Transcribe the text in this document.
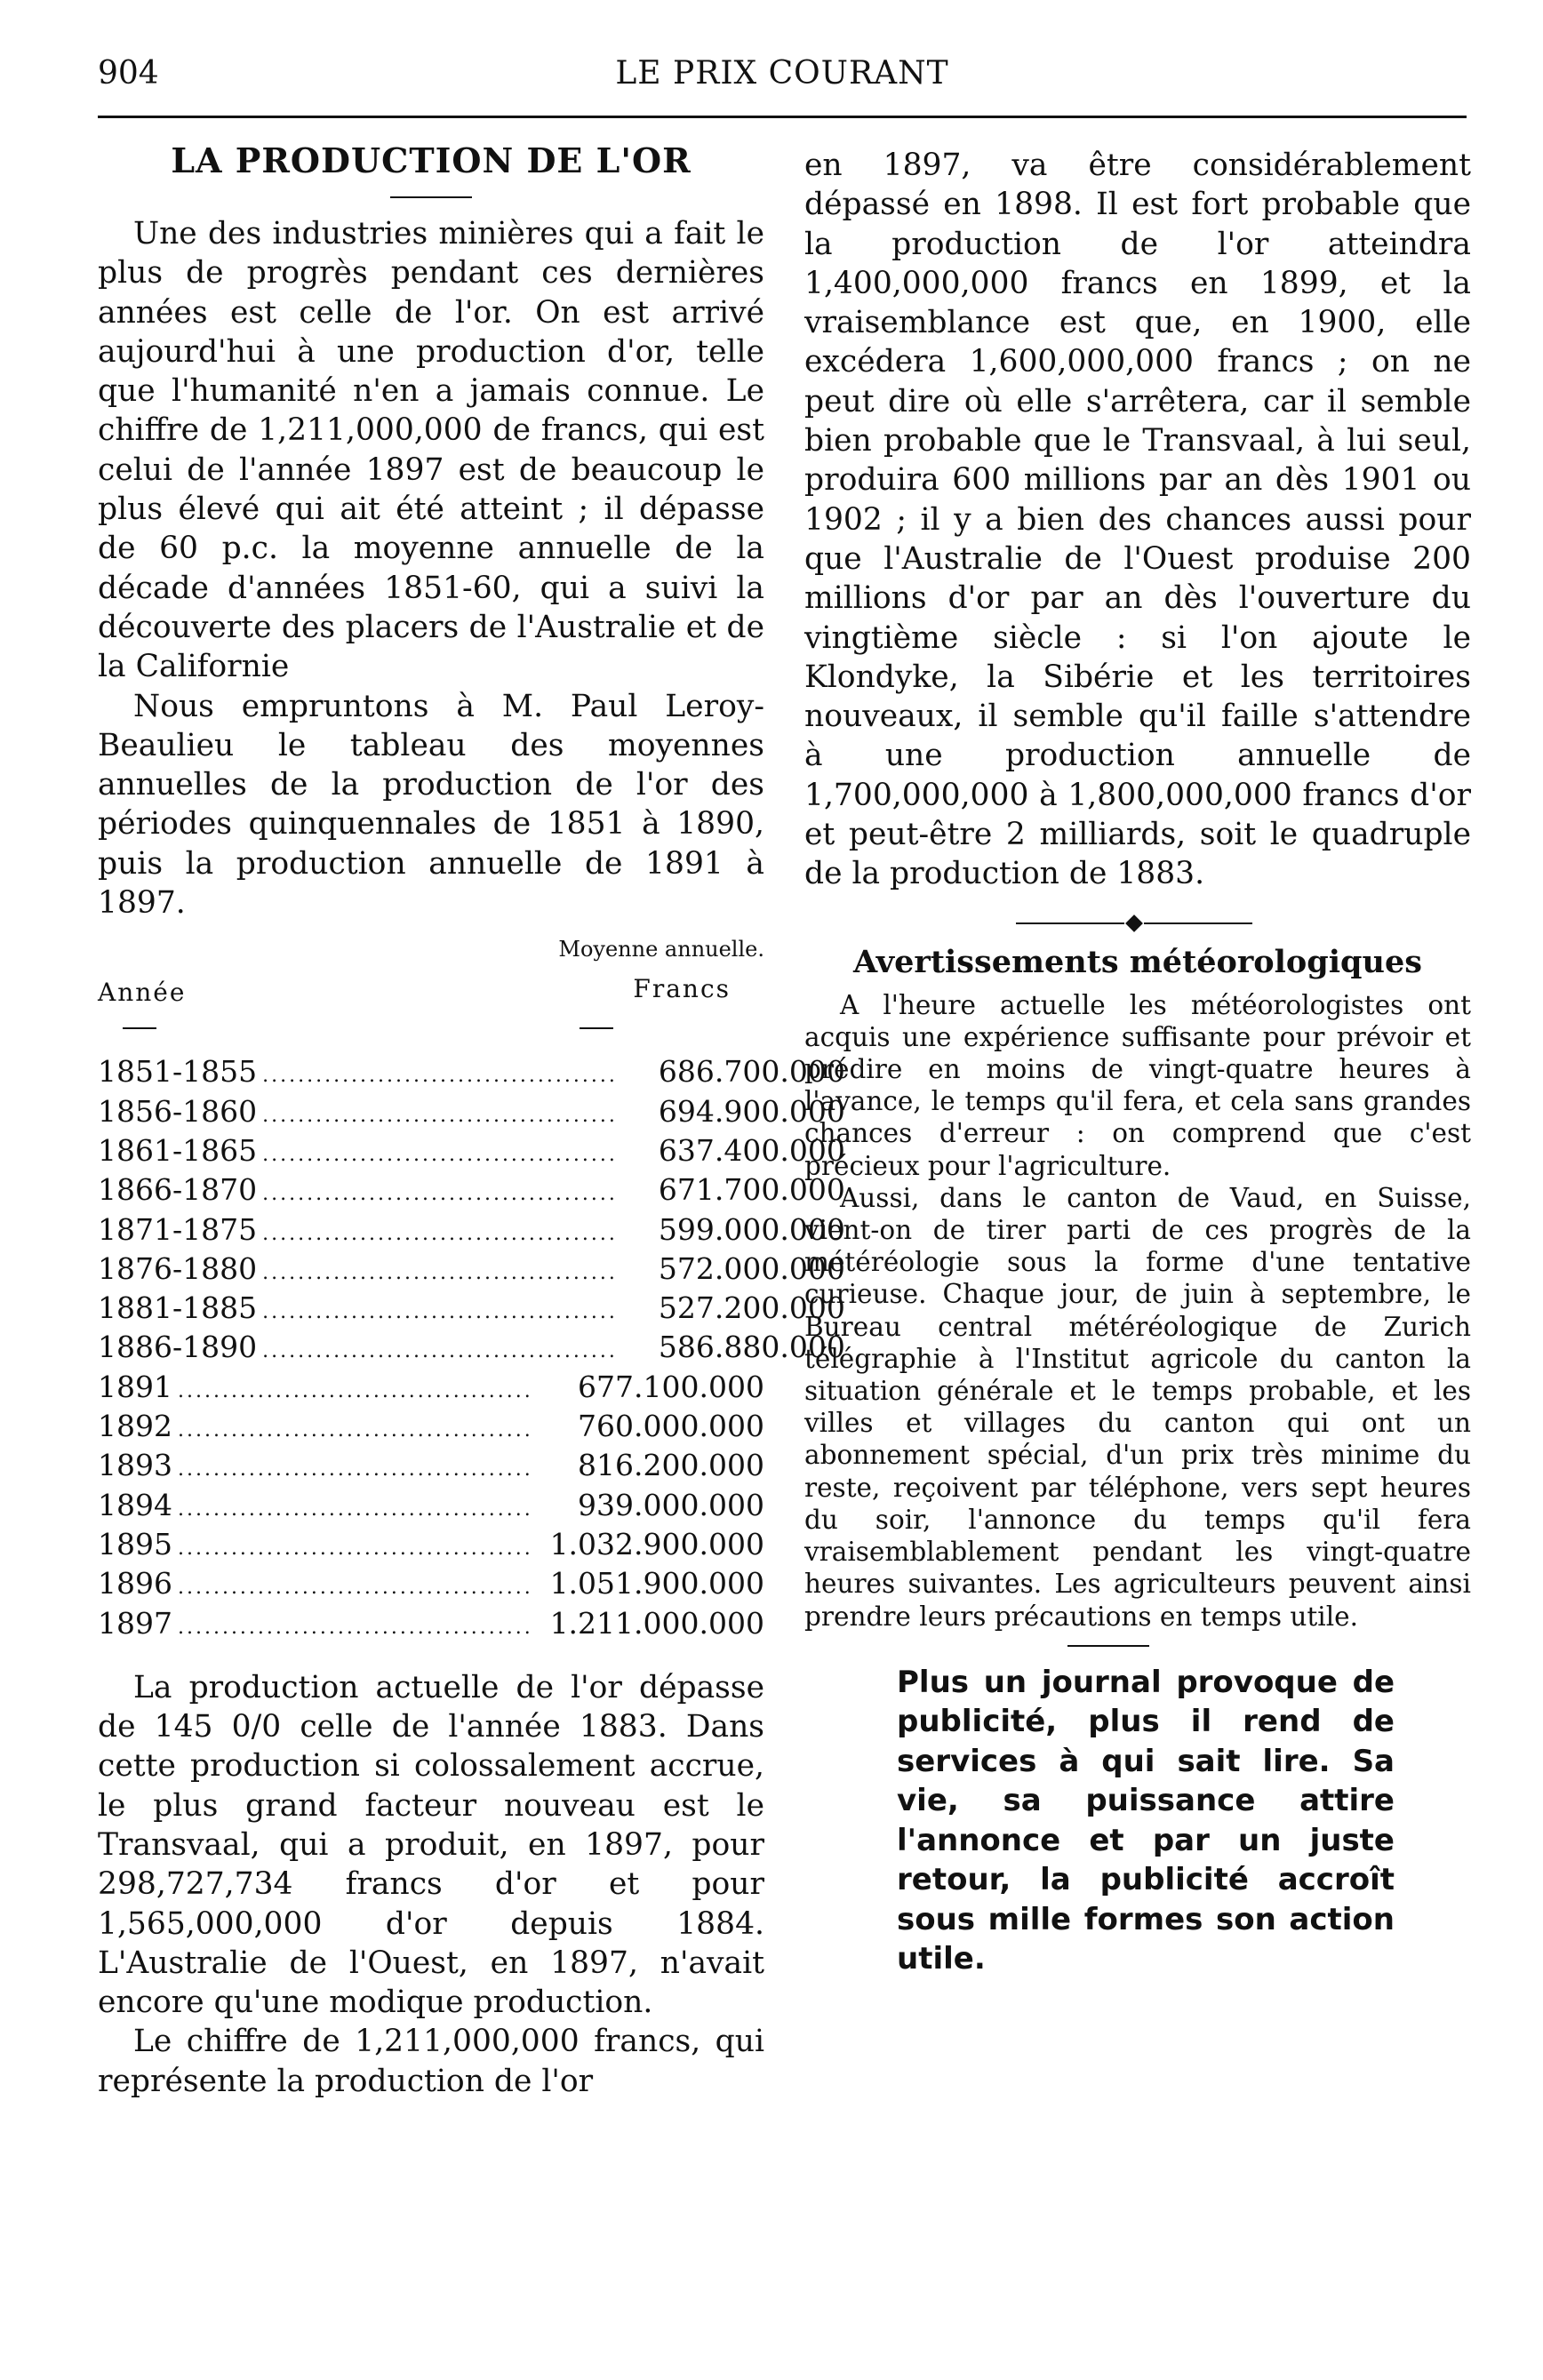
904	LE PRIX COURANT
LA PRODUCTION DE L'OR

Une des industries minières qui a fait le plus de progrès pendant ces dernières années est celle de l'or. On est arrivé aujourd'hui à une production d'or, telle que l'humanité n'en a jamais connue. Le chiffre de 1,211,000,000 de francs, qui est celui de l'année 1897 est de beaucoup le plus élevé qui ait été atteint ; il dépasse de 60 p.c. la moyenne annuelle de la décade d'années 1851-60, qui a suivi la découverte des placers de l'Australie et de la Californie

Nous empruntons à M. Paul Leroy-Beaulieu le tableau des moyennes annuelles de la production de l'or des périodes quinquennales de 1851 à 1890, puis la production annuelle de 1891 à 1897.

Moyenne annuelle.
Année	Francs
1851-1855 ........................................	686.700.000
1856-1860 ........................................	694.900.000
1861-1865 ........................................	637.400.000
1866-1870 ........................................	671.700.000
1871-1875 ........................................	599.000.000
1876-1880 ........................................	572.000.000
1881-1885 ........................................	527.200.000
1886-1890 ........................................	586.880.000
1891 ........................................	677.100.000
1892 ........................................	760.000.000
1893 ........................................	816.200.000
1894 ........................................	939.000.000
1895 ........................................ 1.032.900.000
1896 ........................................ 1.051.900.000
1897 ........................................ 1.211.000.000

La production actuelle de l'or dépasse de 145 0/0 celle de l'année 1883. Dans cette production si colossalement accrue, le plus grand facteur nouveau est le Transvaal, qui a produit, en 1897, pour 298,727,734 francs d'or et pour 1,565,000,000 d'or depuis 1884. L'Australie de l'Ouest, en 1897, n'avait encore qu'une modique production.

Le chiffre de 1,211,000,000 francs, qui représente la production de l'or

en 1897, va être considérablement dépassé en 1898. Il est fort probable que la production de l'or atteindra 1,400,000,000 francs en 1899, et la vraisemblance est que, en 1900, elle excédera 1,600,000,000 francs ; on ne peut dire où elle s'arrêtera, car il semble bien probable que le Transvaal, à lui seul, produira 600 millions par an dès 1901 ou 1902 ; il y a bien des chances aussi pour que l'Australie de l'Ouest produise 200 millions d'or par an dès l'ouverture du vingtième siècle : si l'on ajoute le Klondyke, la Sibérie et les territoires nouveaux, il semble qu'il faille s'attendre à une production annuelle de 1,700,000,000 à 1,800,000,000 francs d'or et peut-être 2 milliards, soit le quadruple de la production de 1883.

Avertissements météorologiques

A l'heure actuelle les météorologistes ont acquis une expérience suffisante pour prévoir et prédire en moins de vingt-quatre heures à l'avance, le temps qu'il fera, et cela sans grandes chances d'erreur : on comprend que c'est précieux pour l'agriculture.

Aussi, dans le canton de Vaud, en Suisse, vient-on de tirer parti de ces progrès de la météréologie sous la forme d'une tentative curieuse. Chaque jour, de juin à septembre, le Bureau central météréologique de Zurich télégraphie à l'Institut agricole du canton la situation générale et le temps probable, et les villes et villages du canton qui ont un abonnement spécial, d'un prix très minime du reste, reçoivent par téléphone, vers sept heures du soir, l'annonce du temps qu'il fera vraisemblablement pendant les vingt-quatre heures suivantes. Les agriculteurs peuvent ainsi prendre leurs précautions en temps utile.

Plus un journal provoque de publicité, plus il rend de services à qui sait lire. Sa vie, sa puissance attire l'annonce et par un juste retour, la publicité accroît sous mille formes son action utile.
